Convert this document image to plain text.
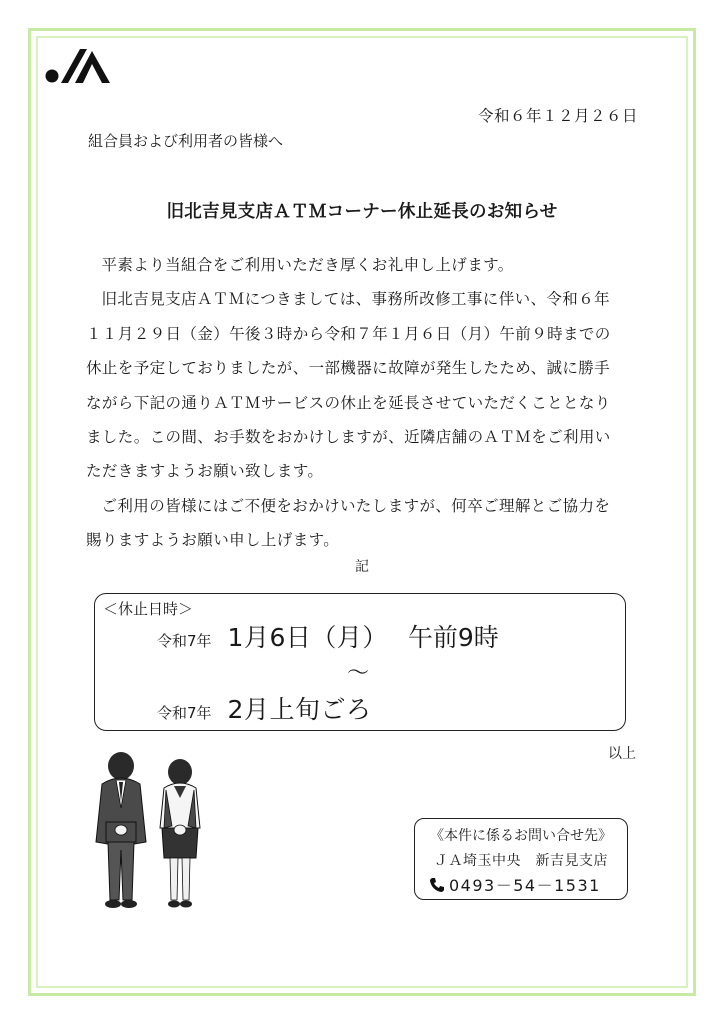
令和６年１２月２６日
組合員および利用者の皆様へ
旧北吉見支店ＡＴＭコーナー休止延長のお知らせ

平素より当組合をご利用いただき厚くお礼申し上げます。

旧北吉見支店ＡＴＭにつきましては、事務所改修工事に伴い、令和６年

１１月２９日（金）午後３時から令和７年１月６日（月）午前９時までの
休止を予定しておりましたが、一部機器に故障が発生したため、誠に勝手
ながら下記の通りＡＴＭサービスの休止を延長させていただくこととなり
ました。この間、お手数をおかけしますが、近隣店舗のＡＴＭをご利用い
ただきますようお願い致します。

ご利用の皆様にはご不便をおかけいたしますが、何卒ご理解とご協力を

賜りますようお願い申し上げます。
記
＜休止日時＞
令和7年 1月6日（月） 午前9時
～
令和7年 2月上旬ごろ
以上
《本件に係るお問い合せ先》
ＪＡ埼玉中央　新吉見支店
0493－54－1531
